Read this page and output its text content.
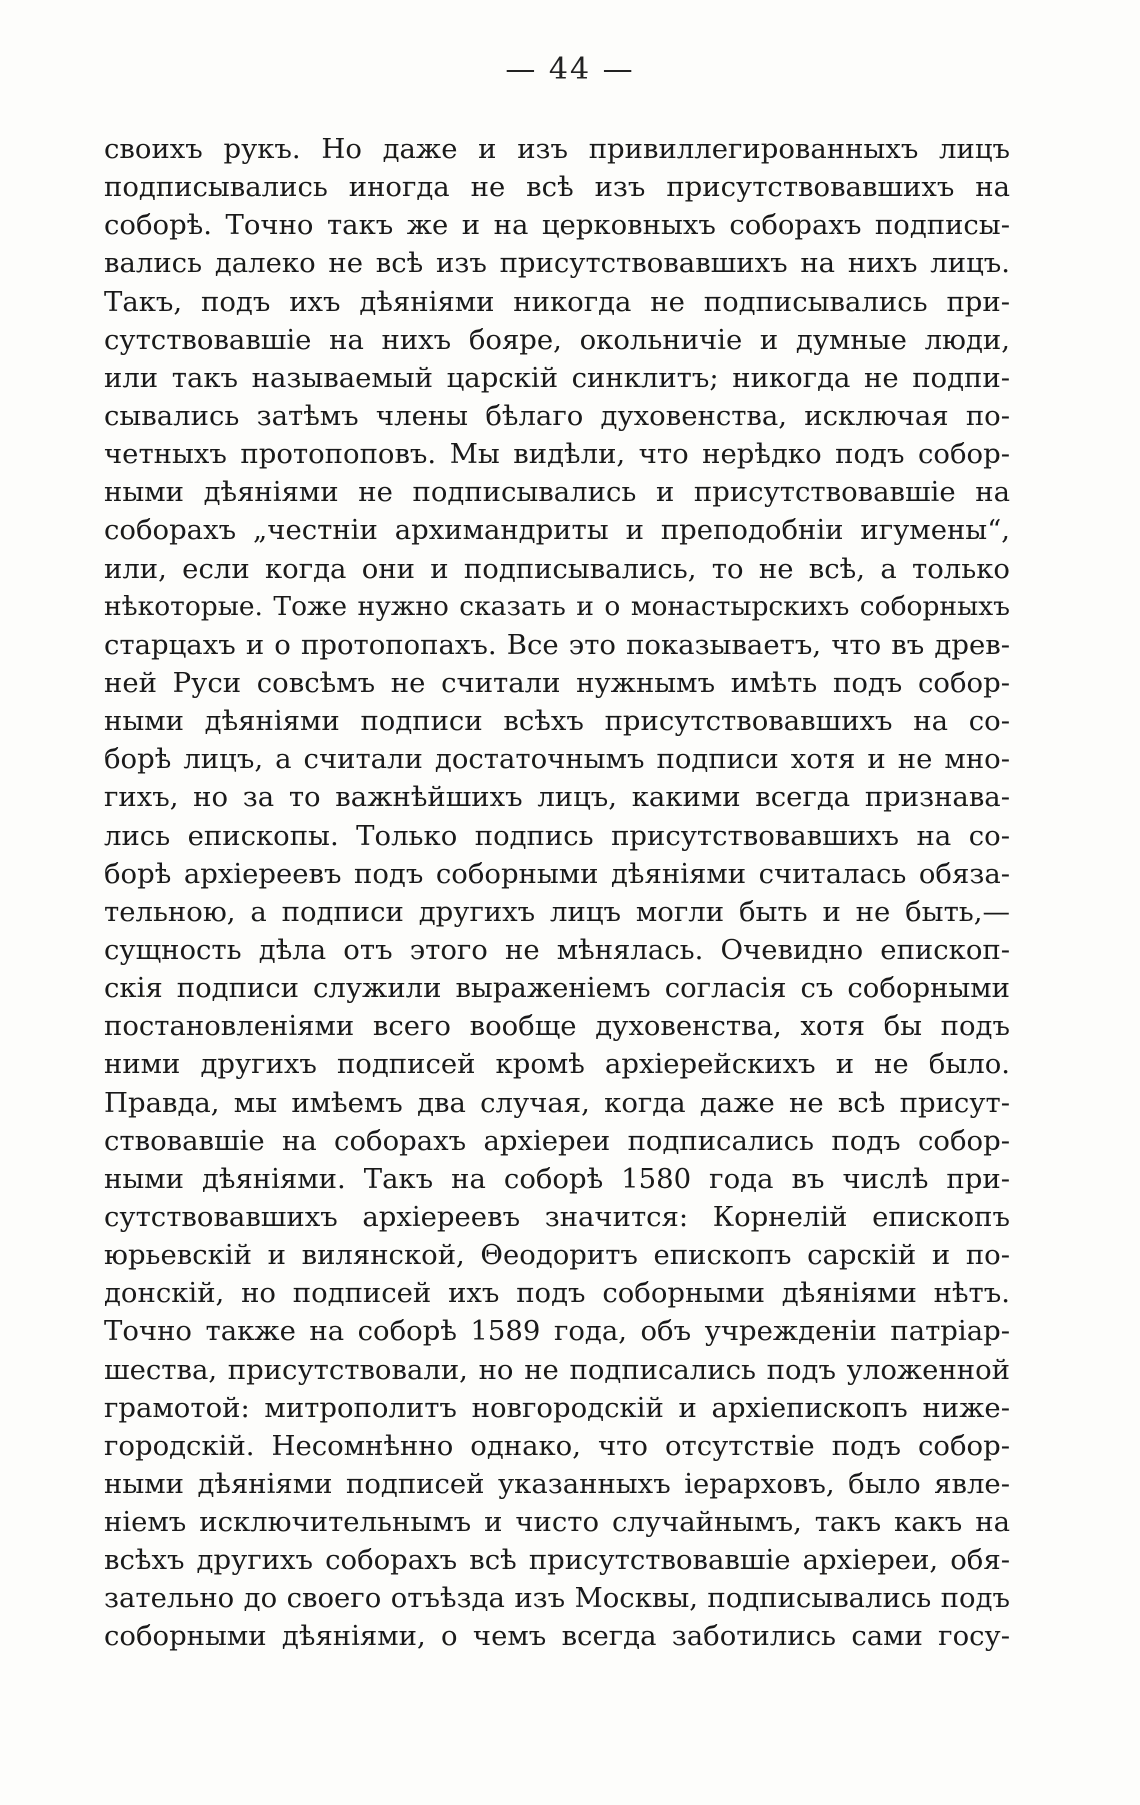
— 44 —
своихъ рукъ. Но даже и изъ привиллегированныхъ лицъ
подписывались иногда не всѣ изъ присутствовавшихъ на
соборѣ. Точно такъ же и на церковныхъ соборахъ подписы-
вались далеко не всѣ изъ присутствовавшихъ на нихъ лицъ.
Такъ, подъ ихъ дѣяніями никогда не подписывались при-
сутствовавшіе на нихъ бояре, окольничіе и думные люди,
или такъ называемый царскій синклитъ; никогда не подпи-
сывались затѣмъ члены бѣлаго духовенства, исключая по-
четныхъ протопоповъ. Мы видѣли, что нерѣдко подъ собор-
ными дѣяніями не подписывались и присутствовавшіе на
соборахъ „честніи архимандриты и преподобніи игумены“,
или, если когда они и подписывались, то не всѣ, а только
нѣкоторые. Тоже нужно сказать и о монастырскихъ соборныхъ
старцахъ и о протопопахъ. Все это показываетъ, что въ древ-
ней Руси совсѣмъ не считали нужнымъ имѣть подъ собор-
ными дѣяніями подписи всѣхъ присутствовавшихъ на со-
борѣ лицъ, а считали достаточнымъ подписи хотя и не мно-
гихъ, но за то важнѣйшихъ лицъ, какими всегда признава-
лись епископы. Только подпись присутствовавшихъ на со-
борѣ архіереевъ подъ соборными дѣяніями считалась обяза-
тельною, а подписи другихъ лицъ могли быть и не быть,—
сущность дѣла отъ этого не мѣнялась. Очевидно епископ-
скія подписи служили выраженіемъ согласія съ соборными
постановленіями всего вообще духовенства, хотя бы подъ
ними другихъ подписей кромѣ архіерейскихъ и не было.
Правда, мы имѣемъ два случая, когда даже не всѣ присут-
ствовавшіе на соборахъ архіереи подписались подъ собор-
ными дѣяніями. Такъ на соборѣ 1580 года въ числѣ при-
сутствовавшихъ архіереевъ значится: Корнелій епископъ
юрьевскій и вилянской, Θеодоритъ епископъ сарскій и по-
донскій, но подписей ихъ подъ соборными дѣяніями нѣтъ.
Точно также на соборѣ 1589 года, объ учрежденіи патріар-
шества, присутствовали, но не подписались подъ уложенной
грамотой: митрополитъ новгородскій и архіепископъ ниже-
городскій. Несомнѣнно однако, что отсутствіе подъ собор-
ными дѣяніями подписей указанныхъ іерарховъ, было явле-
ніемъ исключительнымъ и чисто случайнымъ, такъ какъ на
всѣхъ другихъ соборахъ всѣ присутствовавшіе архіереи, обя-
зательно до своего отъѣзда изъ Москвы, подписывались подъ
соборными дѣяніями, о чемъ всегда заботились сами госу-
